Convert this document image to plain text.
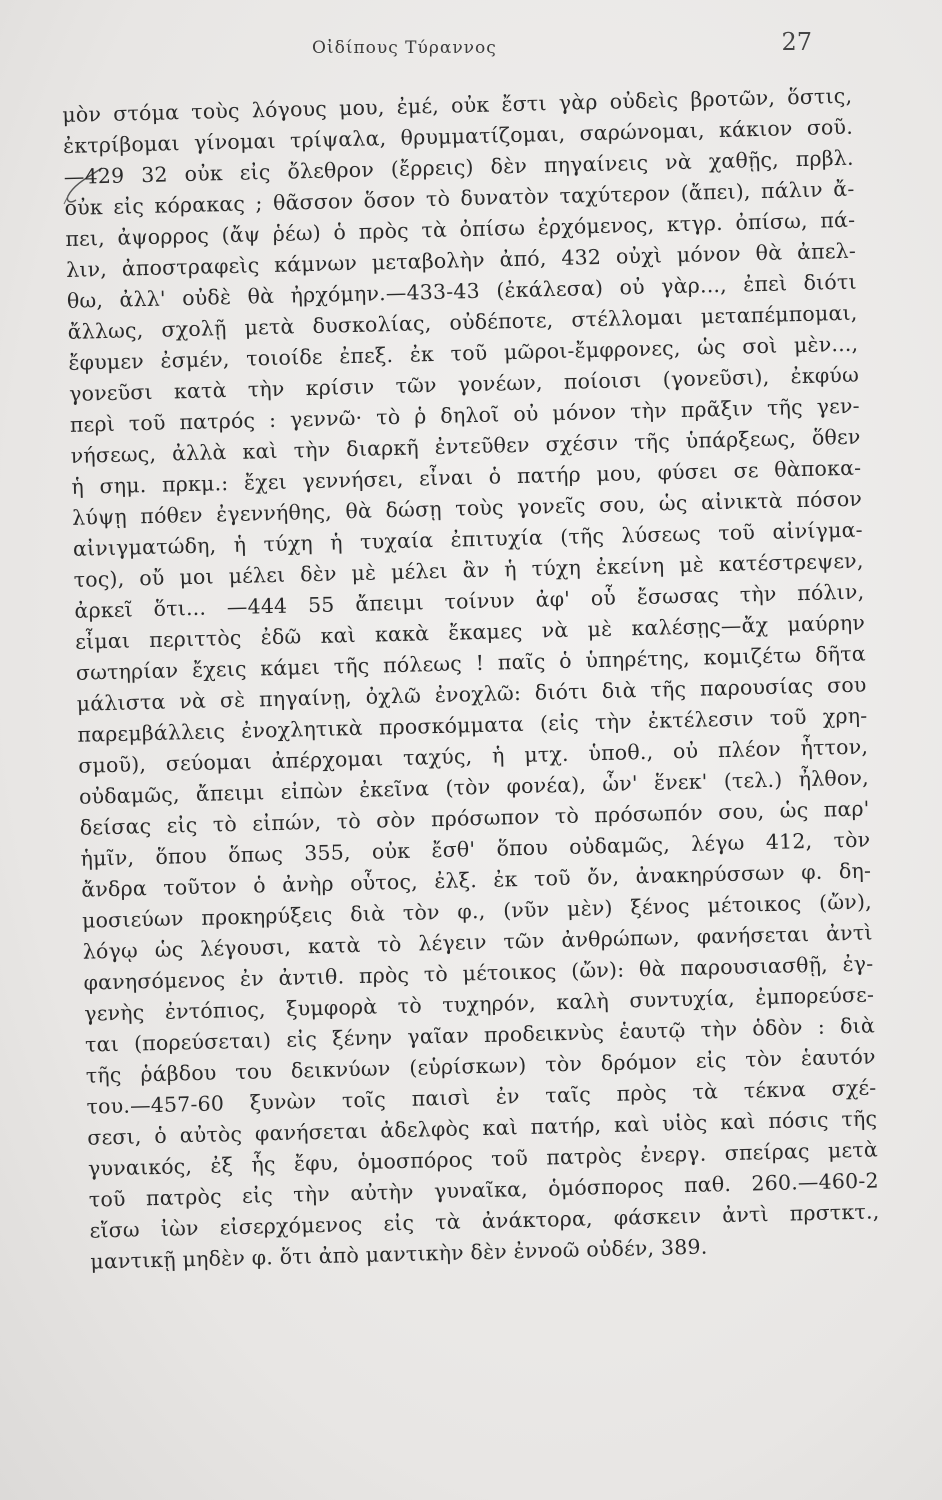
Οἰδίπους Τύραννος	27
μὸν στόμα τοὺς λόγους μου, ἐμέ, οὐκ ἔστι γὰρ οὐδεὶς βροτῶν, ὅστις,
ἐκτρίβομαι γίνομαι τρίψαλα, θρυμματίζομαι, σαρώνομαι, κάκιον σοῦ.
—429 32 οὐκ εἰς ὄλεθρον (ἔρρεις) δὲν πηγαίνεις νὰ χαθῇς, πρβλ.
οὐκ εἰς κόρακας ; θᾶσσον ὅσον τὸ δυνατὸν ταχύτερον (ἄπει), πάλιν ἄ-
πει, ἀψορρος (ἄψ ῥέω) ὁ πρὸς τὰ ὀπίσω ἐρχόμενος, κτγρ. ὀπίσω, πά-
λιν, ἀποστραφεὶς κάμνων μεταβολὴν ἀπό, 432 οὐχὶ μόνον θὰ ἀπελ-
θω, ἀλλ' οὐδὲ θὰ ἠρχόμην.—433-43 (ἐκάλεσα) οὐ γὰρ..., ἐπεὶ διότι
ἄλλως, σχολῇ μετὰ δυσκολίας, οὐδέποτε, στέλλομαι μεταπέμπομαι,
ἔφυμεν ἐσμέν, τοιοίδε ἐπεξ. ἐκ τοῦ μῶροι-ἔμφρονες, ὡς σοὶ μὲν...,
γονεῦσι κατὰ τὴν κρίσιν τῶν γονέων, ποίοισι (γονεῦσι), ἐκφύω
περὶ τοῦ πατρός : γεννῶ· τὸ ῥ δηλοῖ οὐ μόνον τὴν πρᾶξιν τῆς γεν-
νήσεως, ἀλλὰ καὶ τὴν διαρκῆ ἐντεῦθεν σχέσιν τῆς ὑπάρξεως, ὅθεν
ἡ σημ. πρκμ.: ἔχει γεννήσει, εἶναι ὁ πατήρ μου, φύσει σε θὰποκα-
λύψῃ πόθεν ἐγεννήθης, θὰ δώσῃ τοὺς γονεῖς σου, ὡς αἰνικτὰ πόσον
αἰνιγματώδη, ἡ τύχη ἡ τυχαία ἐπιτυχία (τῆς λύσεως τοῦ αἰνίγμα-
τος), οὔ μοι μέλει δὲν μὲ μέλει ἂν ἡ τύχη ἐκείνη μὲ κατέστρεψεν,
ἀρκεῖ ὅτι... —444 55 ἄπειμι τοίνυν ἀφ' οὗ ἔσωσας τὴν πόλιν,
εἶμαι περιττὸς ἐδῶ καὶ κακὰ ἔκαμες νὰ μὲ καλέσῃς—ἄχ μαύρην
σωτηρίαν ἔχεις κάμει τῆς πόλεως ! παῖς ὁ ὑπηρέτης, κομιζέτω δῆτα
μάλιστα νὰ σὲ πηγαίνῃ, ὀχλῶ ἐνοχλῶ: διότι διὰ τῆς παρουσίας σου
παρεμβάλλεις ἐνοχλητικὰ προσκόμματα (εἰς τὴν ἐκτέλεσιν τοῦ χρη-
σμοῦ), σεύομαι ἀπέρχομαι ταχύς, ἡ μτχ. ὑποθ., οὐ πλέον ἧττον,
οὐδαμῶς, ἄπειμι εἰπὼν ἐκεῖνα (τὸν φονέα), ὧν' ἕνεκ' (τελ.) ἦλθον,
δείσας εἰς τὸ εἰπών, τὸ σὸν πρόσωπον τὸ πρόσωπόν σου, ὡς παρ'
ἡμῖν, ὅπου ὅπως 355, οὐκ ἔσθ' ὅπου οὐδαμῶς, λέγω 412, τὸν
ἄνδρα τοῦτον ὁ ἀνὴρ οὗτος, ἐλξ. ἐκ τοῦ ὄν, ἀνακηρύσσων φ. δη-
μοσιεύων προκηρύξεις διὰ τὸν φ., (νῦν μὲν) ξένος μέτοικος (ὤν),
λόγῳ ὡς λέγουσι, κατὰ τὸ λέγειν τῶν ἀνθρώπων, φανήσεται ἀντὶ
φανησόμενος ἐν ἀντιθ. πρὸς τὸ μέτοικος (ὤν): θὰ παρουσιασθῇ, ἐγ-
γενὴς ἐντόπιος, ξυμφορὰ τὸ τυχηρόν, καλὴ συντυχία, ἐμπορεύσε-
ται (πορεύσεται) εἰς ξένην γαῖαν προδεικνὺς ἑαυτῷ τὴν ὁδὸν : διὰ
τῆς ῥάβδου του δεικνύων (εὑρίσκων) τὸν δρόμον εἰς τὸν ἑαυτόν
του.—457-60 ξυνὼν τοῖς παισὶ ἐν ταῖς πρὸς τὰ τέκνα σχέ-
σεσι, ὁ αὐτὸς φανήσεται ἀδελφὸς καὶ πατήρ, καὶ υἱὸς καὶ πόσις τῆς
γυναικός, ἐξ ἧς ἔφυ, ὁμοσπόρος τοῦ πατρὸς ἐνεργ. σπείρας μετὰ
τοῦ πατρὸς εἰς τὴν αὐτὴν γυναῖκα, ὁμόσπορος παθ. 260.—460-2
εἴσω ἰὼν εἰσερχόμενος εἰς τὰ ἀνάκτορα, φάσκειν ἀντὶ πρστκτ.,
μαντικῇ μηδὲν φ. ὅτι ἀπὸ μαντικὴν δὲν ἐννοῶ οὐδέν, 389.
